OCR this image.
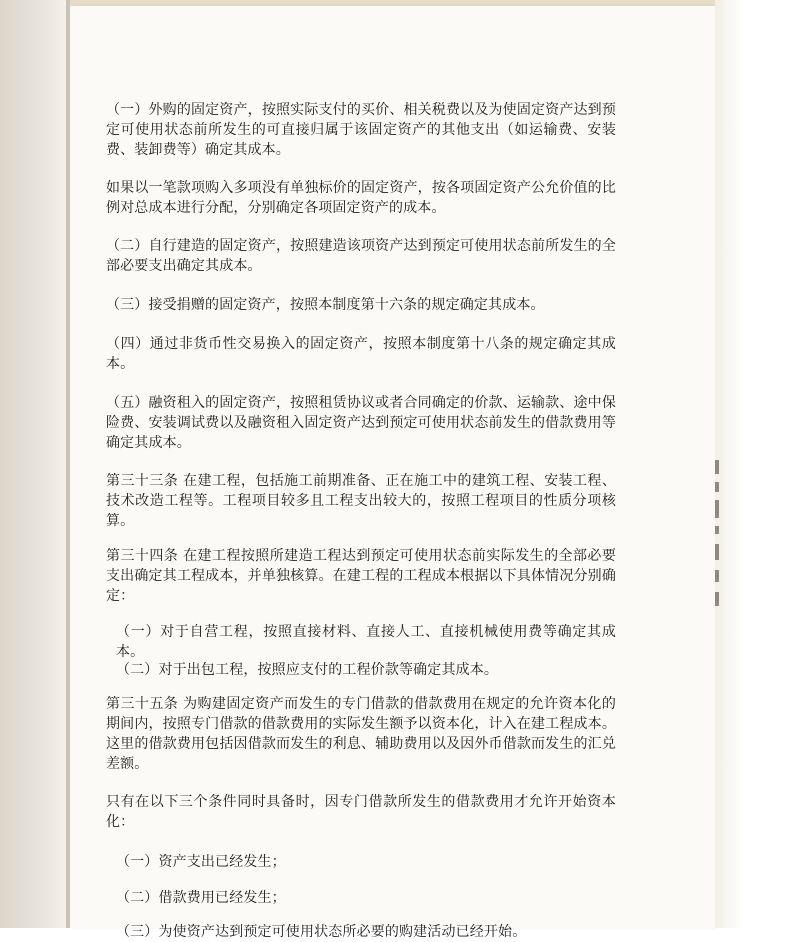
（一）外购的固定资产，按照实际支付的买价、相关税费以及为使固定资产达到预定可使用状态前所发生的可直接归属于该固定资产的其他支出（如运输费、安装费、装卸费等）确定其成本。

如果以一笔款项购入多项没有单独标价的固定资产，按各项固定资产公允价值的比例对总成本进行分配，分别确定各项固定资产的成本。

（二）自行建造的固定资产，按照建造该项资产达到预定可使用状态前所发生的全部必要支出确定其成本。

（三）接受捐赠的固定资产，按照本制度第十六条的规定确定其成本。

（四）通过非货币性交易换入的固定资产，按照本制度第十八条的规定确定其成本。

（五）融资租入的固定资产，按照租赁协议或者合同确定的价款、运输款、途中保险费、安装调试费以及融资租入固定资产达到预定可使用状态前发生的借款费用等确定其成本。

第三十三条 在建工程，包括施工前期准备、正在施工中的建筑工程、安装工程、技术改造工程等。工程项目较多且工程支出较大的，按照工程项目的性质分项核算。

第三十四条 在建工程按照所建造工程达到预定可使用状态前实际发生的全部必要支出确定其工程成本，并单独核算。在建工程的工程成本根据以下具体情况分别确定：

（一）对于自营工程，按照直接材料、直接人工、直接机械使用费等确定其成本。

（二）对于出包工程，按照应支付的工程价款等确定其成本。

第三十五条 为购建固定资产而发生的专门借款的借款费用在规定的允许资本化的期间内，按照专门借款的借款费用的实际发生额予以资本化，计入在建工程成本。这里的借款费用包括因借款而发生的利息、辅助费用以及因外币借款而发生的汇兑差额。

只有在以下三个条件同时具备时，因专门借款所发生的借款费用才允许开始资本化：

（一）资产支出已经发生；

（二）借款费用已经发生；

（三）为使资产达到预定可使用状态所必要的购建活动已经开始。
